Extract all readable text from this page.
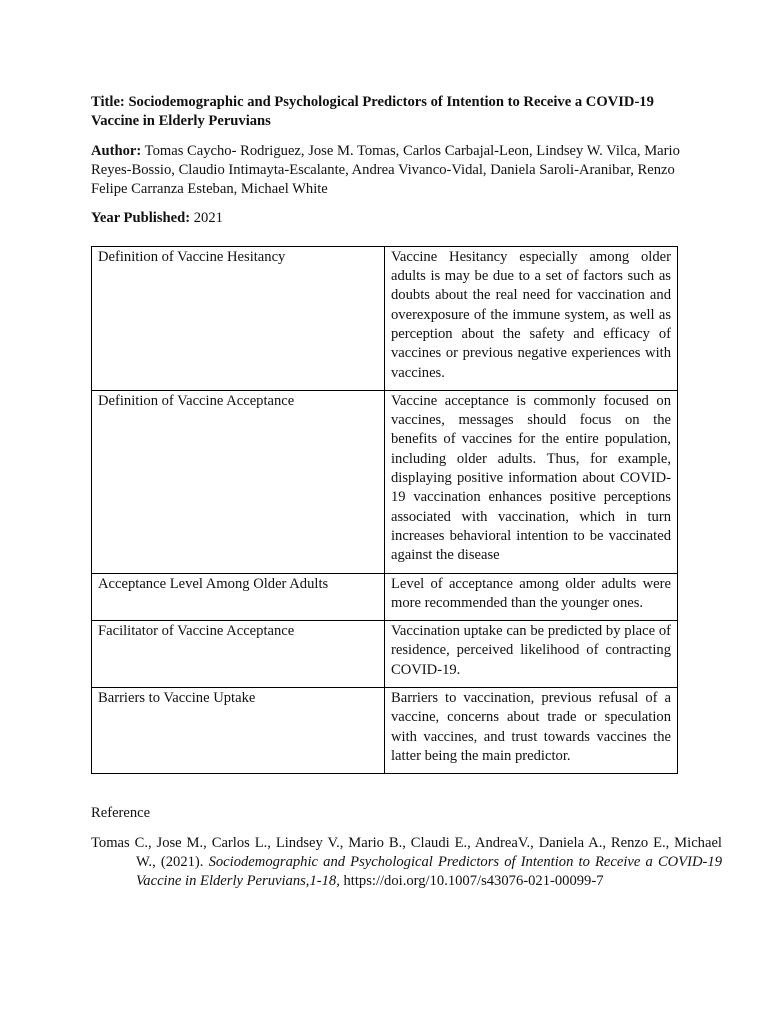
Title: Sociodemographic and Psychological Predictors of Intention to Receive a COVID-19 Vaccine in Elderly Peruvians

Author: Tomas Caycho- Rodriguez, Jose M. Tomas, Carlos Carbajal-Leon, Lindsey W. Vilca, Mario Reyes-Bossio, Claudio Intimayta-Escalante, Andrea Vivanco-Vidal, Daniela Saroli-Aranibar, Renzo Felipe Carranza Esteban, Michael White

Year Published: 2021

Definition of Vaccine Hesitancy	Vaccine Hesitancy especially among older adults is may be due to a set of factors such as doubts about the real need for vaccination and overexposure of the immune system, as well as perception about the safety and efficacy of vaccines or previous negative experiences with vaccines.
Definition of Vaccine Acceptance	Vaccine acceptance is commonly focused on vaccines, messages should focus on the benefits of vaccines for the entire population, including older adults. Thus, for example, displaying positive information about COVID-19 vaccination enhances positive perceptions associated with vaccination, which in turn increases behavioral intention to be vaccinated against the disease
Acceptance Level Among Older Adults	Level of acceptance among older adults were more recommended than the younger ones.
Facilitator of Vaccine Acceptance	Vaccination uptake can be predicted by place of residence, perceived likelihood of contracting COVID-19.
Barriers to Vaccine Uptake	Barriers to vaccination, previous refusal of a vaccine, concerns about trade or speculation with vaccines, and trust towards vaccines the latter being the main predictor.

Reference

Tomas C., Jose M., Carlos L., Lindsey V., Mario B., Claudi E., AndreaV., Daniela A., Renzo E., Michael W., (2021). Sociodemographic and Psychological Predictors of Intention to Receive a COVID-19 Vaccine in Elderly Peruvians,1-18, https://doi.org/10.1007/s43076-021-00099-7
